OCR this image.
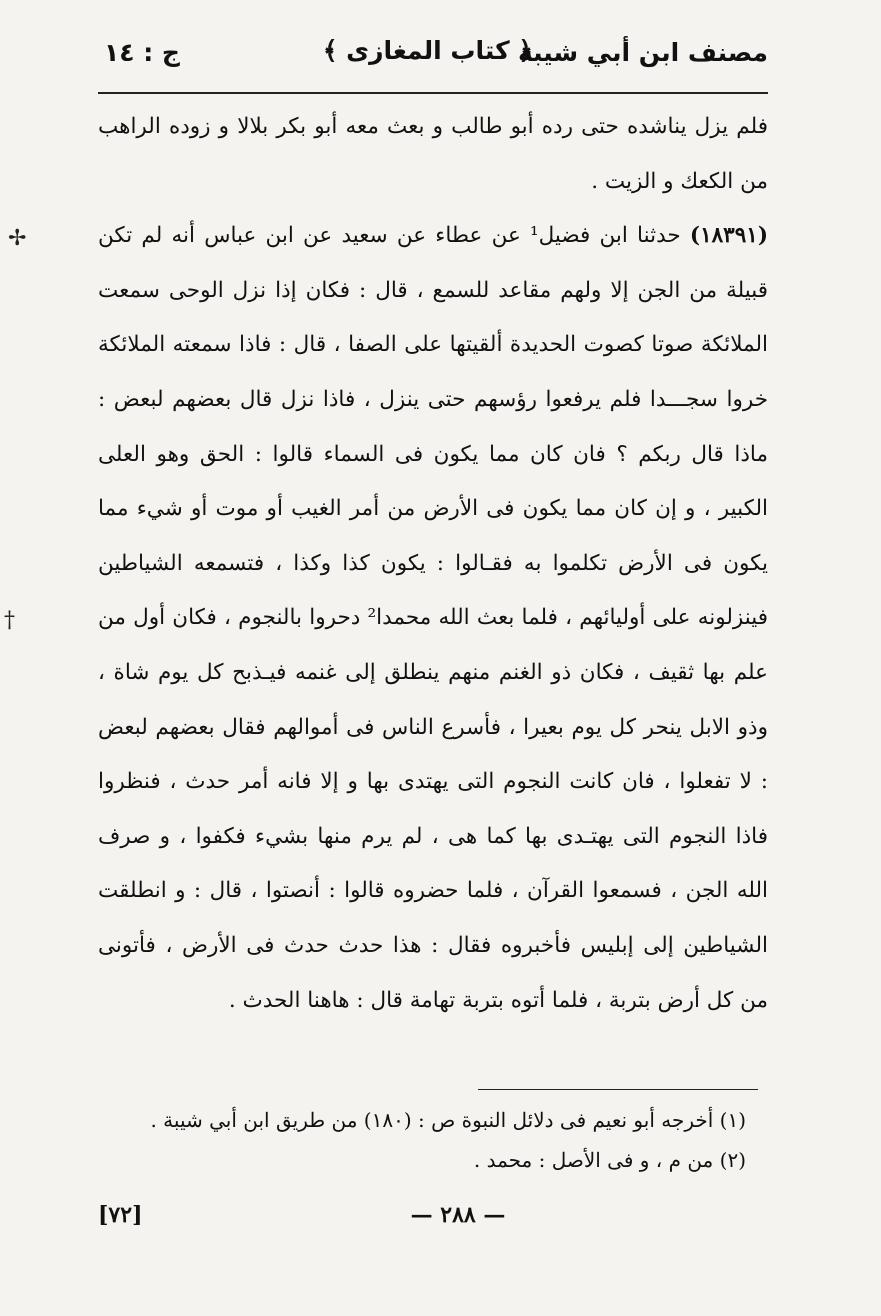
مصنف ابن أبي شيبة
﴿ كتاب المغازى ﴾
ج : ١٤

فلم يزل يناشده حتى رده أبو طالب و بعث معه أبو بكر بلالا و زوده الراهب من الكعك و الزيت .

(١٨٣٩١) حدثنا ابن فضيل¹ عن عطاء عن سعيد عن ابن عباس أنه لم تكن قبيلة من الجن إلا ولهم مقاعد للسمع ، قال : فكان إذا نزل الوحى سمعت الملائكة صوتا كصوت الحديدة ألقيتها على الصفا ، قال : فاذا سمعته الملائكة خروا سجـــدا فلم يرفعوا رؤسهم حتى ينزل ، فاذا نزل قال بعضهم لبعض : ماذا قال ربكم ؟ فان كان مما يكون فى السماء قالوا : الحق وهو العلى الكبير ، و إن كان مما يكون فى الأرض من أمر الغيب أو موت أو شيء مما يكون فى الأرض تكلموا به فقـالوا : يكون كذا وكذا ، فتسمعه الشياطين فينزلونه على أوليائهم ، فلما بعث الله محمدا² دحروا بالنجوم ، فكان أول من علم بها ثقيف ، فكان ذو الغنم منهم ينطلق إلى غنمه فيـذبح كل يوم شاة ، وذو الابل ينحر كل يوم بعيرا ، فأسرع الناس فى أموالهم فقال بعضهم لبعض : لا تفعلوا ، فان كانت النجوم التى يهتدى بها و إلا فانه أمر حدث ، فنظروا فاذا النجوم التى يهتـدى بها كما هى ، لم يرم منها بشيء فكفوا ، و صرف الله الجن ، فسمعوا القرآن ، فلما حضروه قالوا : أنصتوا ، قال : و انطلقت الشياطين إلى إبليس فأخبروه فقال : هذا حدث حدث فى الأرض ، فأتونى من كل أرض بتربة ، فلما أتوه بتربة تهامة قال : هاهنا الحدث .

(١) أخرجه أبو نعيم فى دلائل النبوة ص : (١٨٠) من طريق ابن أبي شيبة .

(٢) من م ، و فى الأصل : محمد .

[٧٢]	— ٢٨٨ —
✢
†
